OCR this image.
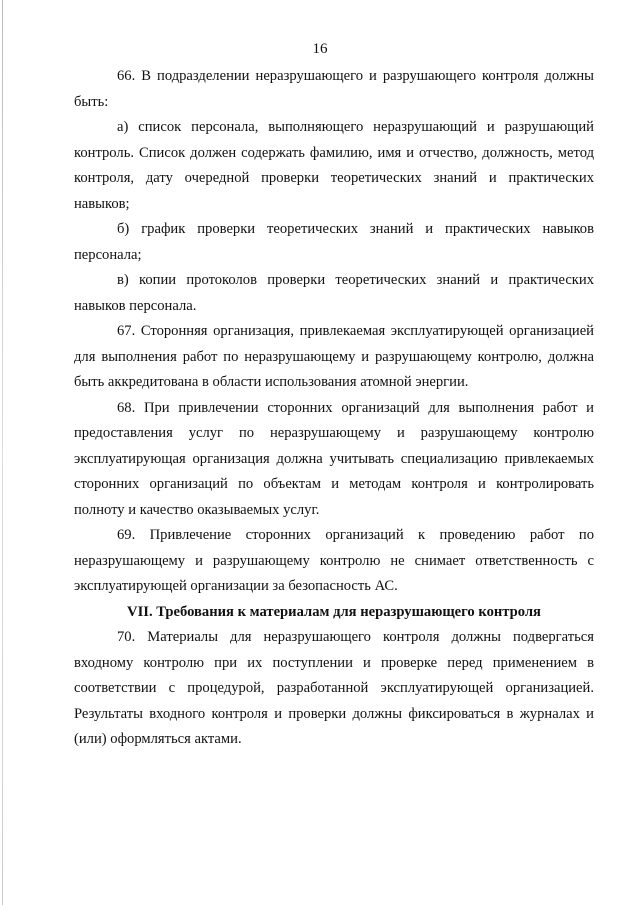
16

66. В подразделении неразрушающего и разрушающего контроля должны быть:

а) список персонала, выполняющего неразрушающий и разрушающий контроль. Список должен содержать фамилию, имя и отчество, должность, метод контроля, дату очередной проверки теоретических знаний и практических навыков;

б) график проверки теоретических знаний и практических навыков персонала;

в) копии протоколов проверки теоретических знаний и практических навыков персонала.

67. Сторонняя организация, привлекаемая эксплуатирующей организацией для выполнения работ по неразрушающему и разрушающему контролю, должна быть аккредитована в области использования атомной энергии.

68. При привлечении сторонних организаций для выполнения работ и предоставления услуг по неразрушающему и разрушающему контролю эксплуатирующая организация должна учитывать специализацию привлекаемых сторонних организаций по объектам и методам контроля и контролировать полноту и качество оказываемых услуг.

69. Привлечение сторонних организаций к проведению работ по неразрушающему и разрушающему контролю не снимает ответственность с эксплуатирующей организации за безопасность АС.

VII. Требования к материалам для неразрушающего контроля

70. Материалы для неразрушающего контроля должны подвергаться входному контролю при их поступлении и проверке перед применением в соответствии с процедурой, разработанной эксплуатирующей организацией. Результаты входного контроля и проверки должны фиксироваться в журналах и (или) оформляться актами.
